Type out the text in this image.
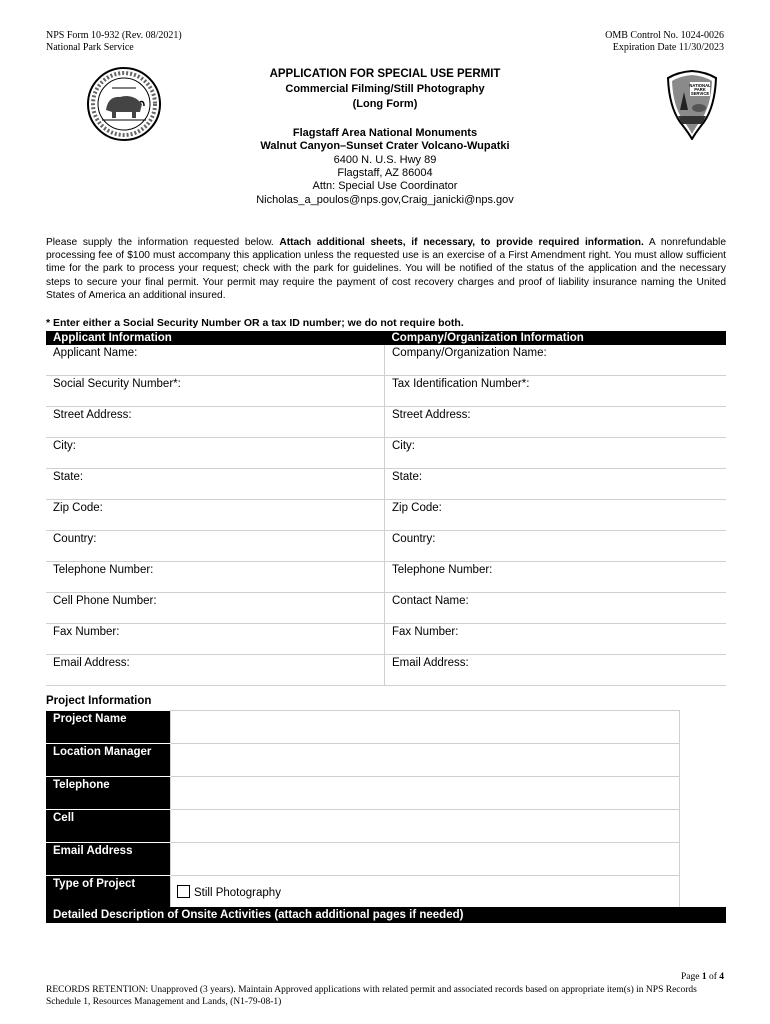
NPS Form 10-932 (Rev. 08/2021)
National Park Service
OMB Control No. 1024-0026
Expiration Date 11/30/2023
NATIONAL
PARK
SERVICE
APPLICATION FOR SPECIAL USE PERMIT
Commercial Filming/Still Photography
(Long Form)
Flagstaff Area National Monuments
Walnut Canyon–Sunset Crater Volcano-Wupatki
6400 N. U.S. Hwy 89
Flagstaff, AZ 86004
Attn: Special Use Coordinator
Nicholas_a_poulos@nps.gov,Craig_janicki@nps.gov
Please supply the information requested below. Attach additional sheets, if necessary, to provide required information. A nonrefundable processing fee of $100 must accompany this application unless the requested use is an exercise of a First Amendment right. You must allow sufficient time for the park to process your request; check with the park for guidelines. You will be notified of the status of the application and the necessary steps to secure your final permit. Your permit may require the payment of cost recovery charges and proof of liability insurance naming the United States of America an additional insured.
* Enter either a Social Security Number OR a tax ID number; we do not require both.
Applicant Information	Company/Organization Information
Applicant Name:	Company/Organization Name:
Social Security Number*:	Tax Identification Number*:
Street Address:	Street Address:
City:	City:
State:	State:
Zip Code:	Zip Code:
Country:	Country:
Telephone Number:	Telephone Number:
Cell Phone Number:	Contact Name:
Fax Number:	Fax Number:
Email Address:	Email Address:
Project Information
Project Name	
Location Manager	
Telephone	
Cell	
Email Address	
Type of Project	Still Photography
Detailed Description of Onsite Activities (attach additional pages if needed)
Page 1 of 4
RECORDS RETENTION: Unapproved (3 years). Maintain Approved applications with related permit and associated records based on appropriate item(s) in NPS Records Schedule 1, Resources Management and Lands, (N1-79-08-1)
